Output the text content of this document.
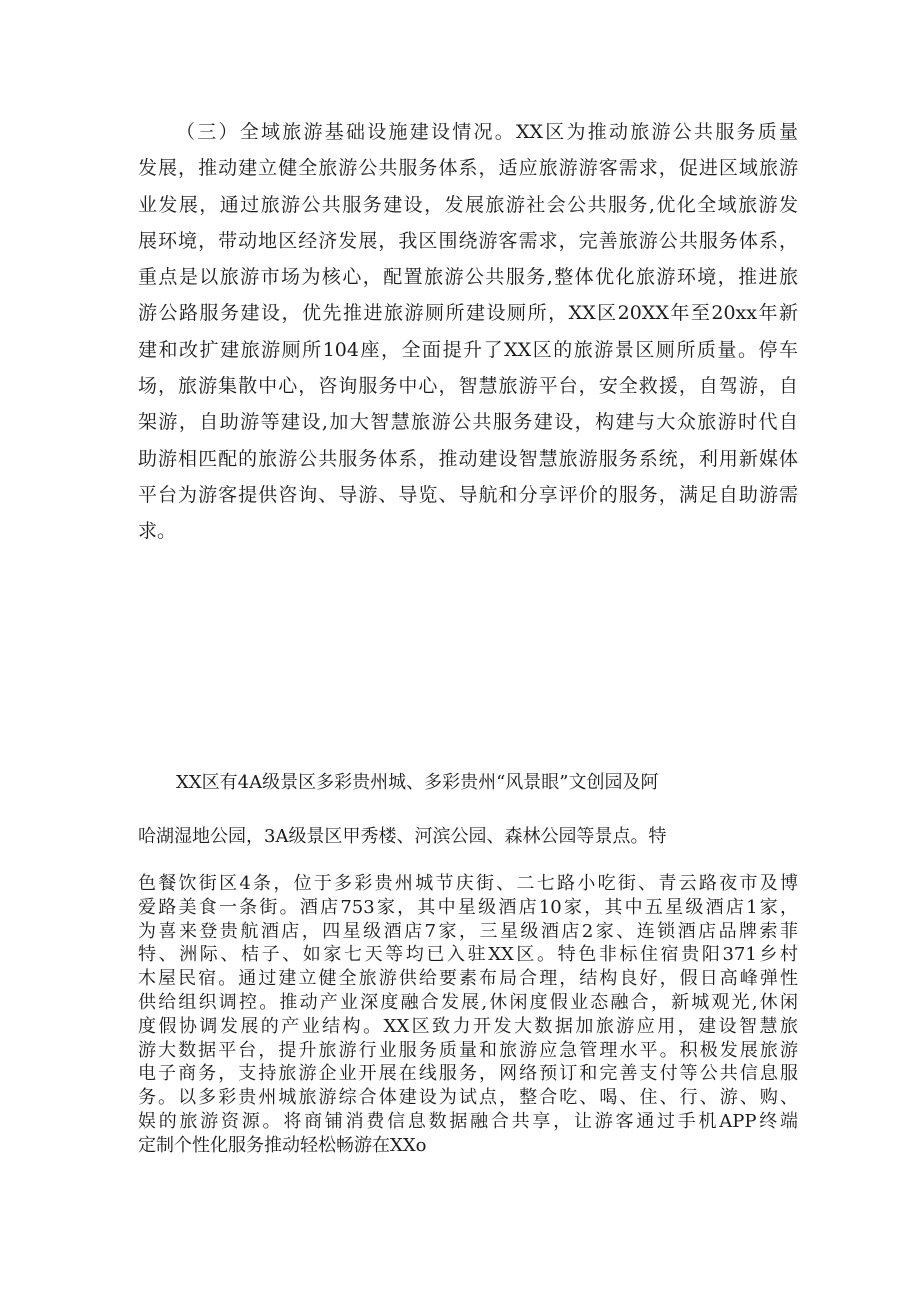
（三）全域旅游基础设施建设情况。XX区为推动旅游公共服务质量
发展，推动建立健全旅游公共服务体系，适应旅游游客需求，促进区域旅游
业发展，通过旅游公共服务建设，发展旅游社会公共服务,优化全域旅游发
展环境，带动地区经济发展，我区围绕游客需求，完善旅游公共服务体系，
重点是以旅游市场为核心，配置旅游公共服务,整体优化旅游环境，推进旅
游公路服务建设，优先推进旅游厕所建设厕所，XX区20XX年至20xx年新
建和改扩建旅游厕所104座，全面提升了XX区的旅游景区厕所质量。停车
场，旅游集散中心，咨询服务中心，智慧旅游平台，安全救援，自驾游，自
架游，自助游等建设,加大智慧旅游公共服务建设，构建与大众旅游时代自
助游相匹配的旅游公共服务体系，推动建设智慧旅游服务系统，利用新媒体
平台为游客提供咨询、导游、导览、导航和分享评价的服务，满足自助游需
求。
XX区有4A级景区多彩贵州城、多彩贵州“风景眼”文创园及阿
哈湖湿地公园，3A级景区甲秀楼、河滨公园、森林公园等景点。特
色餐饮街区4条，位于多彩贵州城节庆街、二七路小吃街、青云路夜市及博
爱路美食一条街。酒店753家，其中星级酒店10家，其中五星级酒店1家，
为喜来登贵航酒店，四星级酒店7家，三星级酒店2家、连锁酒店品牌索菲
特、洲际、桔子、如家七天等均已入驻XX区。特色非标住宿贵阳371乡村
木屋民宿。通过建立健全旅游供给要素布局合理，结构良好，假日高峰弹性
供给组织调控。推动产业深度融合发展,休闲度假业态融合，新城观光,休闲
度假协调发展的产业结构。XX区致力开发大数据加旅游应用，建设智慧旅
游大数据平台，提升旅游行业服务质量和旅游应急管理水平。积极发展旅游
电子商务，支持旅游企业开展在线服务，网络预订和完善支付等公共信息服
务。以多彩贵州城旅游综合体建设为试点，整合吃、喝、住、行、游、购、
娱的旅游资源。将商铺消费信息数据融合共享，让游客通过手机APP终端
定制个性化服务推动轻松畅游在XXo
